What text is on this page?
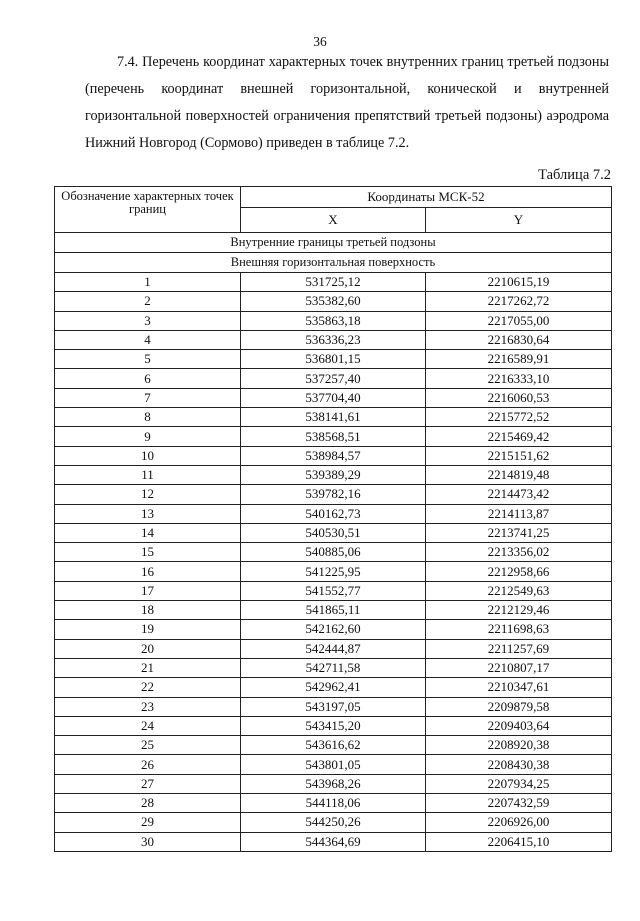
36
7.4. Перечень координат характерных точек внутренних границ третьей подзоны (перечень координат внешней горизонтальной, конической и внутренней горизонтальной поверхностей ограничения препятствий третьей подзоны) аэродрома Нижний Новгород (Сормово) приведен в таблице 7.2.
Таблица 7.2
Обозначение характерных точек границ	Координаты МСК-52	
	X	Y
Внутренние границы третьей подзоны		
Внешняя горизонтальная поверхность		
1	531725,12	2210615,19
2	535382,60	2217262,72
3	535863,18	2217055,00
4	536336,23	2216830,64
5	536801,15	2216589,91
6	537257,40	2216333,10
7	537704,40	2216060,53
8	538141,61	2215772,52
9	538568,51	2215469,42
10	538984,57	2215151,62
11	539389,29	2214819,48
12	539782,16	2214473,42
13	540162,73	2214113,87
14	540530,51	2213741,25
15	540885,06	2213356,02
16	541225,95	2212958,66
17	541552,77	2212549,63
18	541865,11	2212129,46
19	542162,60	2211698,63
20	542444,87	2211257,69
21	542711,58	2210807,17
22	542962,41	2210347,61
23	543197,05	2209879,58
24	543415,20	2209403,64
25	543616,62	2208920,38
26	543801,05	2208430,38
27	543968,26	2207934,25
28	544118,06	2207432,59
29	544250,26	2206926,00
30	544364,69	2206415,10
